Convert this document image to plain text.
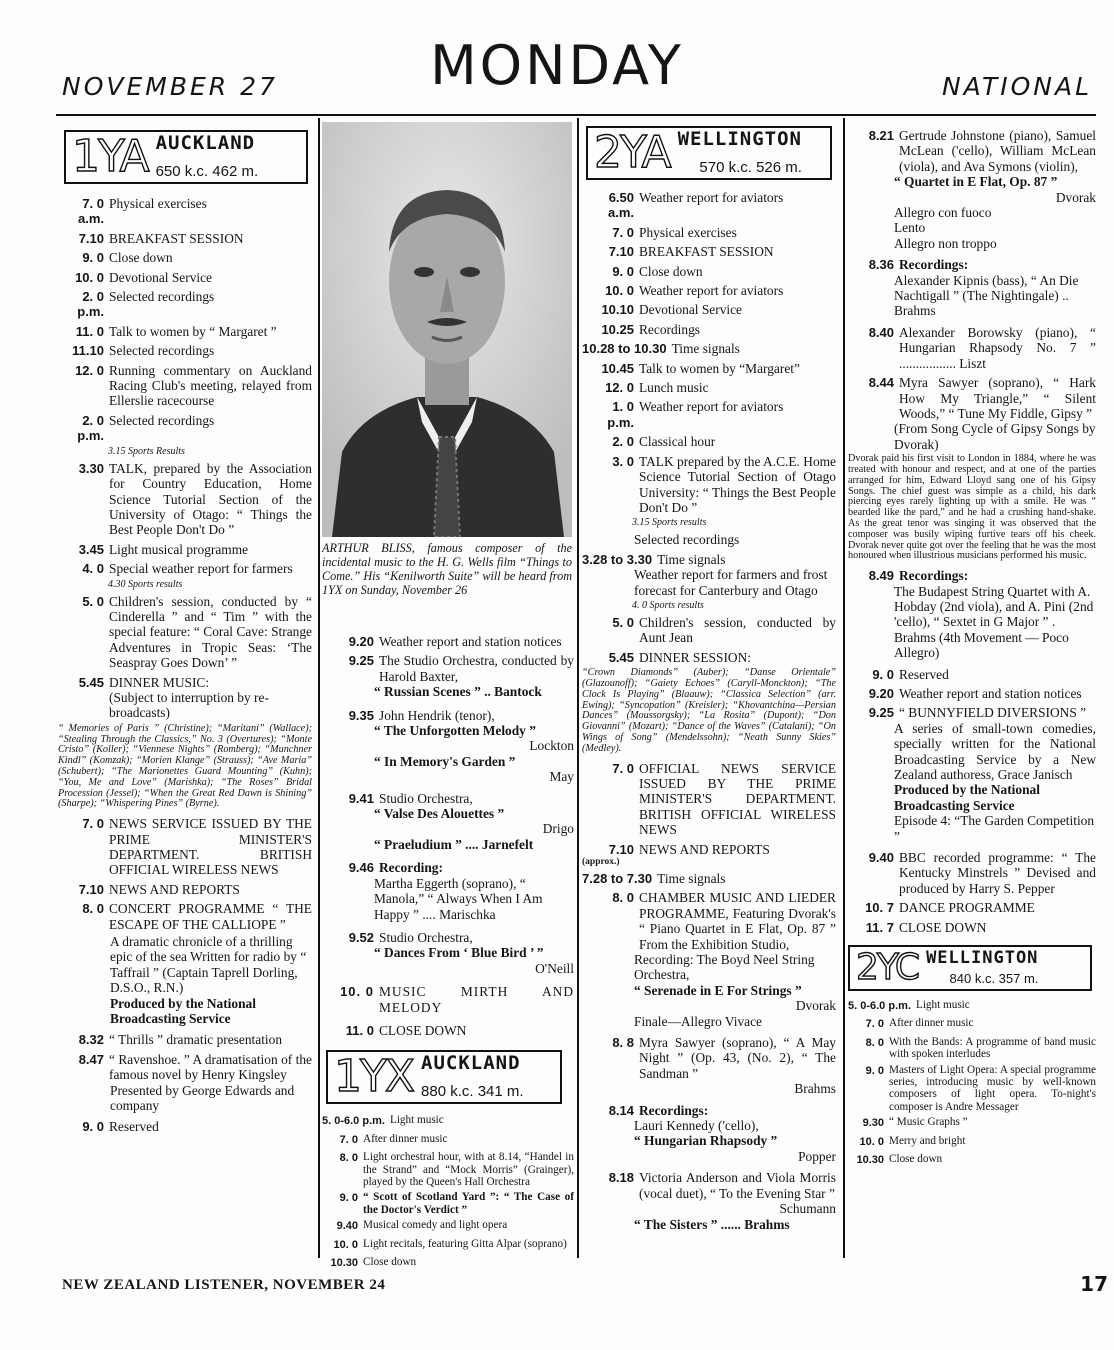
NOVEMBER 27	MONDAY	NATIONAL
1YA AUCKLAND
650 k.c. 462 m.
7. 0 a.m.
Physical exercises
7.10 BREAKFAST SESSION
9. 0 Close down
10. 0 Devotional Service
2. 0 p.m.
Selected recordings
11. 0 Talk to women by “ Margaret ”
11.10 Selected recordings
12. 0 Running commentary on Auckland Racing Club's meeting, relayed from Ellerslie racecourse
2. 0 p.m.
Selected recordings
3.15 Sports Results
3.30 TALK, prepared by the Association for Country Education, Home Science Tutorial Section of the University of Otago: “ Things the Best People Don't Do ”
3.45 Light musical programme
4. 0 Special weather report for farmers
4.30 Sports results
5. 0 Children's session, conducted by “ Cinderella ” and “ Tim ” with the special feature: “ Coral Cave: Strange Adventures in Tropic Seas: ‘The Seaspray Goes Down’ ”
5.45 DINNER MUSIC:
(Subject to interruption by re-broadcasts)
“ Memories of Paris ” (Christine); “Maritani” (Wallace); “Stealing Through the Classics,” No. 3 (Overtures); “Monte Cristo” (Koller); “Viennese Nights” (Romberg); “Munchner Kindl” (Komzak); “Morien Klange” (Strauss); “Ave Maria” (Schubert); “The Marionettes Guard Mounting” (Kuhn); “You, Me and Love” (Marishka); “The Roses” Bridal Procession (Jessel); “When the Great Red Dawn is Shining” (Sharpe); “Whispering Pines” (Byrne).
7. 0 NEWS SERVICE ISSUED BY THE PRIME MINISTER'S DEPARTMENT. BRITISH OFFICIAL WIRELESS NEWS
7.10 NEWS AND REPORTS
8. 0 CONCERT PROGRAMME “ THE ESCAPE OF THE CALLIOPE ”
A dramatic chronicle of a thrilling epic of the sea Written for radio by “ Taffrail ” (Captain Taprell Dorling, D.S.O., R.N.)
Produced by the National Broadcasting Service
8.32 “ Thrills ” dramatic presentation
8.47 “ Ravenshoe. ” A dramatisation of the famous novel by Henry Kingsley
Presented by George Edwards and company
9. 0 Reserved
ARTHUR BLISS, famous composer of the incidental music to the H. G. Wells film “Things to Come.” His “Kenilworth Suite” will be heard from 1YX on Sunday, November 26
9.20 Weather report and station notices
9.25 The Studio Orchestra, conducted by Harold Baxter,
“ Russian Scenes ” .. Bantock
9.35 John Hendrik (tenor),
“ The Unforgotten Melody ”
Lockton
“ In Memory's Garden ”
May
9.41 Studio Orchestra,
“ Valse Des Alouettes ”
Drigo
“ Praeludium ” .... Jarnefelt
9.46 Recording:
Martha Eggerth (soprano), “ Manola,” “ Always When I Am Happy ” .... Marischka
9.52 Studio Orchestra,
“ Dances From ‘ Blue Bird ’ ”
O'Neill
10. 0 MUSIC MIRTH AND MELODY
11. 0 CLOSE DOWN
1YX AUCKLAND
880 k.c. 341 m.
5. 0-6.0 p.m. Light music
7. 0 After dinner music
8. 0 Light orchestral hour, with at 8.14, “Handel in the Strand” and “Mock Morris” (Grainger), played by the Queen's Hall Orchestra
9. 0 “ Scott of Scotland Yard ”: “ The Case of the Doctor's Verdict ”
9.40 Musical comedy and light opera
10. 0 Light recitals, featuring Gitta Alpar (soprano)
10.30 Close down
2YA WELLINGTON
570 k.c. 526 m.
6.50 a.m.
Weather report for aviators
7. 0 Physical exercises
7.10 BREAKFAST SESSION
9. 0 Close down
10. 0 Weather report for aviators
10.10 Devotional Service
10.25 Recordings
10.28 to 10.30 Time signals
10.45 Talk to women by “Margaret”
12. 0 Lunch music
1. 0 p.m.
Weather report for aviators
2. 0 Classical hour
3. 0 TALK prepared by the A.C.E. Home Science Tutorial Section of Otago University: “ Things the Best People Don't Do ”
3.15 Sports results
Selected recordings
3.28 to 3.30 Time signals
Weather report for farmers and frost forecast for Canterbury and Otago
4. 0 Sports results
5. 0 Children's session, conducted by Aunt Jean
5.45 DINNER SESSION:
“Crown Diamonds” (Auber); “Danse Orientale” (Glazounoff); “Gaiety Echoes” (Caryll-Monckton); “The Clock Is Playing” (Blaauw); “Classica Selection” (arr. Ewing); “Syncopation” (Kreisler); “Khovantchina—Persian Dances” (Moussorgsky); “La Rosita” (Dupont); “Don Giovanni” (Mozart); “Dance of the Waves” (Catalani); “On Wings of Song” (Mendelssohn); “Neath Sunny Skies” (Medley).
7. 0 OFFICIAL NEWS SERVICE ISSUED BY THE PRIME MINISTER'S DEPARTMENT. BRITISH OFFICIAL WIRELESS NEWS
7.10 NEWS AND REPORTS
(approx.)
7.28 to 7.30 Time signals
8. 0 CHAMBER MUSIC AND LIEDER PROGRAMME, Featuring Dvorak's “ Piano Quartet in E Flat, Op. 87 ” From the Exhibition Studio,
Recording: The Boyd Neel String Orchestra,
“ Serenade in E For Strings ”
Dvorak
Finale—Allegro Vivace
8. 8 Myra Sawyer (soprano), “ A May Night ” (Op. 43, (No. 2), “ The Sandman ”
Brahms
8.14 Recordings:
Lauri Kennedy ('cello),
“ Hungarian Rhapsody ”
Popper
8.18 Victoria Anderson and Viola Morris (vocal duet), “ To the Evening Star ”
Schumann
“ The Sisters ” ...... Brahms
8.21 Gertrude Johnstone (piano), Samuel McLean ('cello), William McLean (viola), and Ava Symons (violin),
“ Quartet in E Flat, Op. 87 ”
Dvorak
Allegro con fuoco
Lento
Allegro non troppo
8.36 Recordings:
Alexander Kipnis (bass), “ An Die Nachtigall ” (The Nightingale) .. Brahms
8.40 Alexander Borowsky (piano), “ Hungarian Rhapsody No. 7 ” ................. Liszt
8.44 Myra Sawyer (soprano), “ Hark How My Triangle,” “ Silent Woods,” “ Tune My Fiddle, Gipsy ”
(From Song Cycle of Gipsy Songs by Dvorak)
Dvorak paid his first visit to London in 1884, where he was treated with honour and respect, and at one of the parties arranged for him, Edward Lloyd sang one of his Gipsy Songs. The chief guest was simple as a child, his dark piercing eyes rarely lighting up with a smile. He was “ bearded like the pard,” and he had a crushing hand-shake. As the great tenor was singing it was observed that the composer was busily wiping furtive tears off his cheek. Dvorak never quite got over the feeling that he was the most honoured when illustrious musicians performed his music.
8.49 Recordings:
The Budapest String Quartet with A. Hobday (2nd viola), and A. Pini (2nd 'cello), “ Sextet in G Major ” . Brahms (4th Movement — Poco Allegro)
9. 0 Reserved
9.20 Weather report and station notices
9.25 “ BUNNYFIELD DIVERSIONS ”
A series of small-town comedies, specially written for the National Broadcasting Service by a New Zealand authoress, Grace Janisch
Produced by the National Broadcasting Service
Episode 4: “The Garden Competition ”
9.40 BBC recorded programme: “ The Kentucky Minstrels ” Devised and produced by Harry S. Pepper
10. 7 DANCE PROGRAMME
11. 7 CLOSE DOWN
2YC WELLINGTON
840 k.c. 357 m.
5. 0-6.0 p.m. Light music
7. 0 After dinner music
8. 0 With the Bands: A programme of band music with spoken interludes
9. 0 Masters of Light Opera: A special programme series, introducing music by well-known composers of light opera. To-night's composer is Andre Messager
9.30 “ Music Graphs ”
10. 0 Merry and bright
10.30 Close down
NEW ZEALAND LISTENER, NOVEMBER 24	17
